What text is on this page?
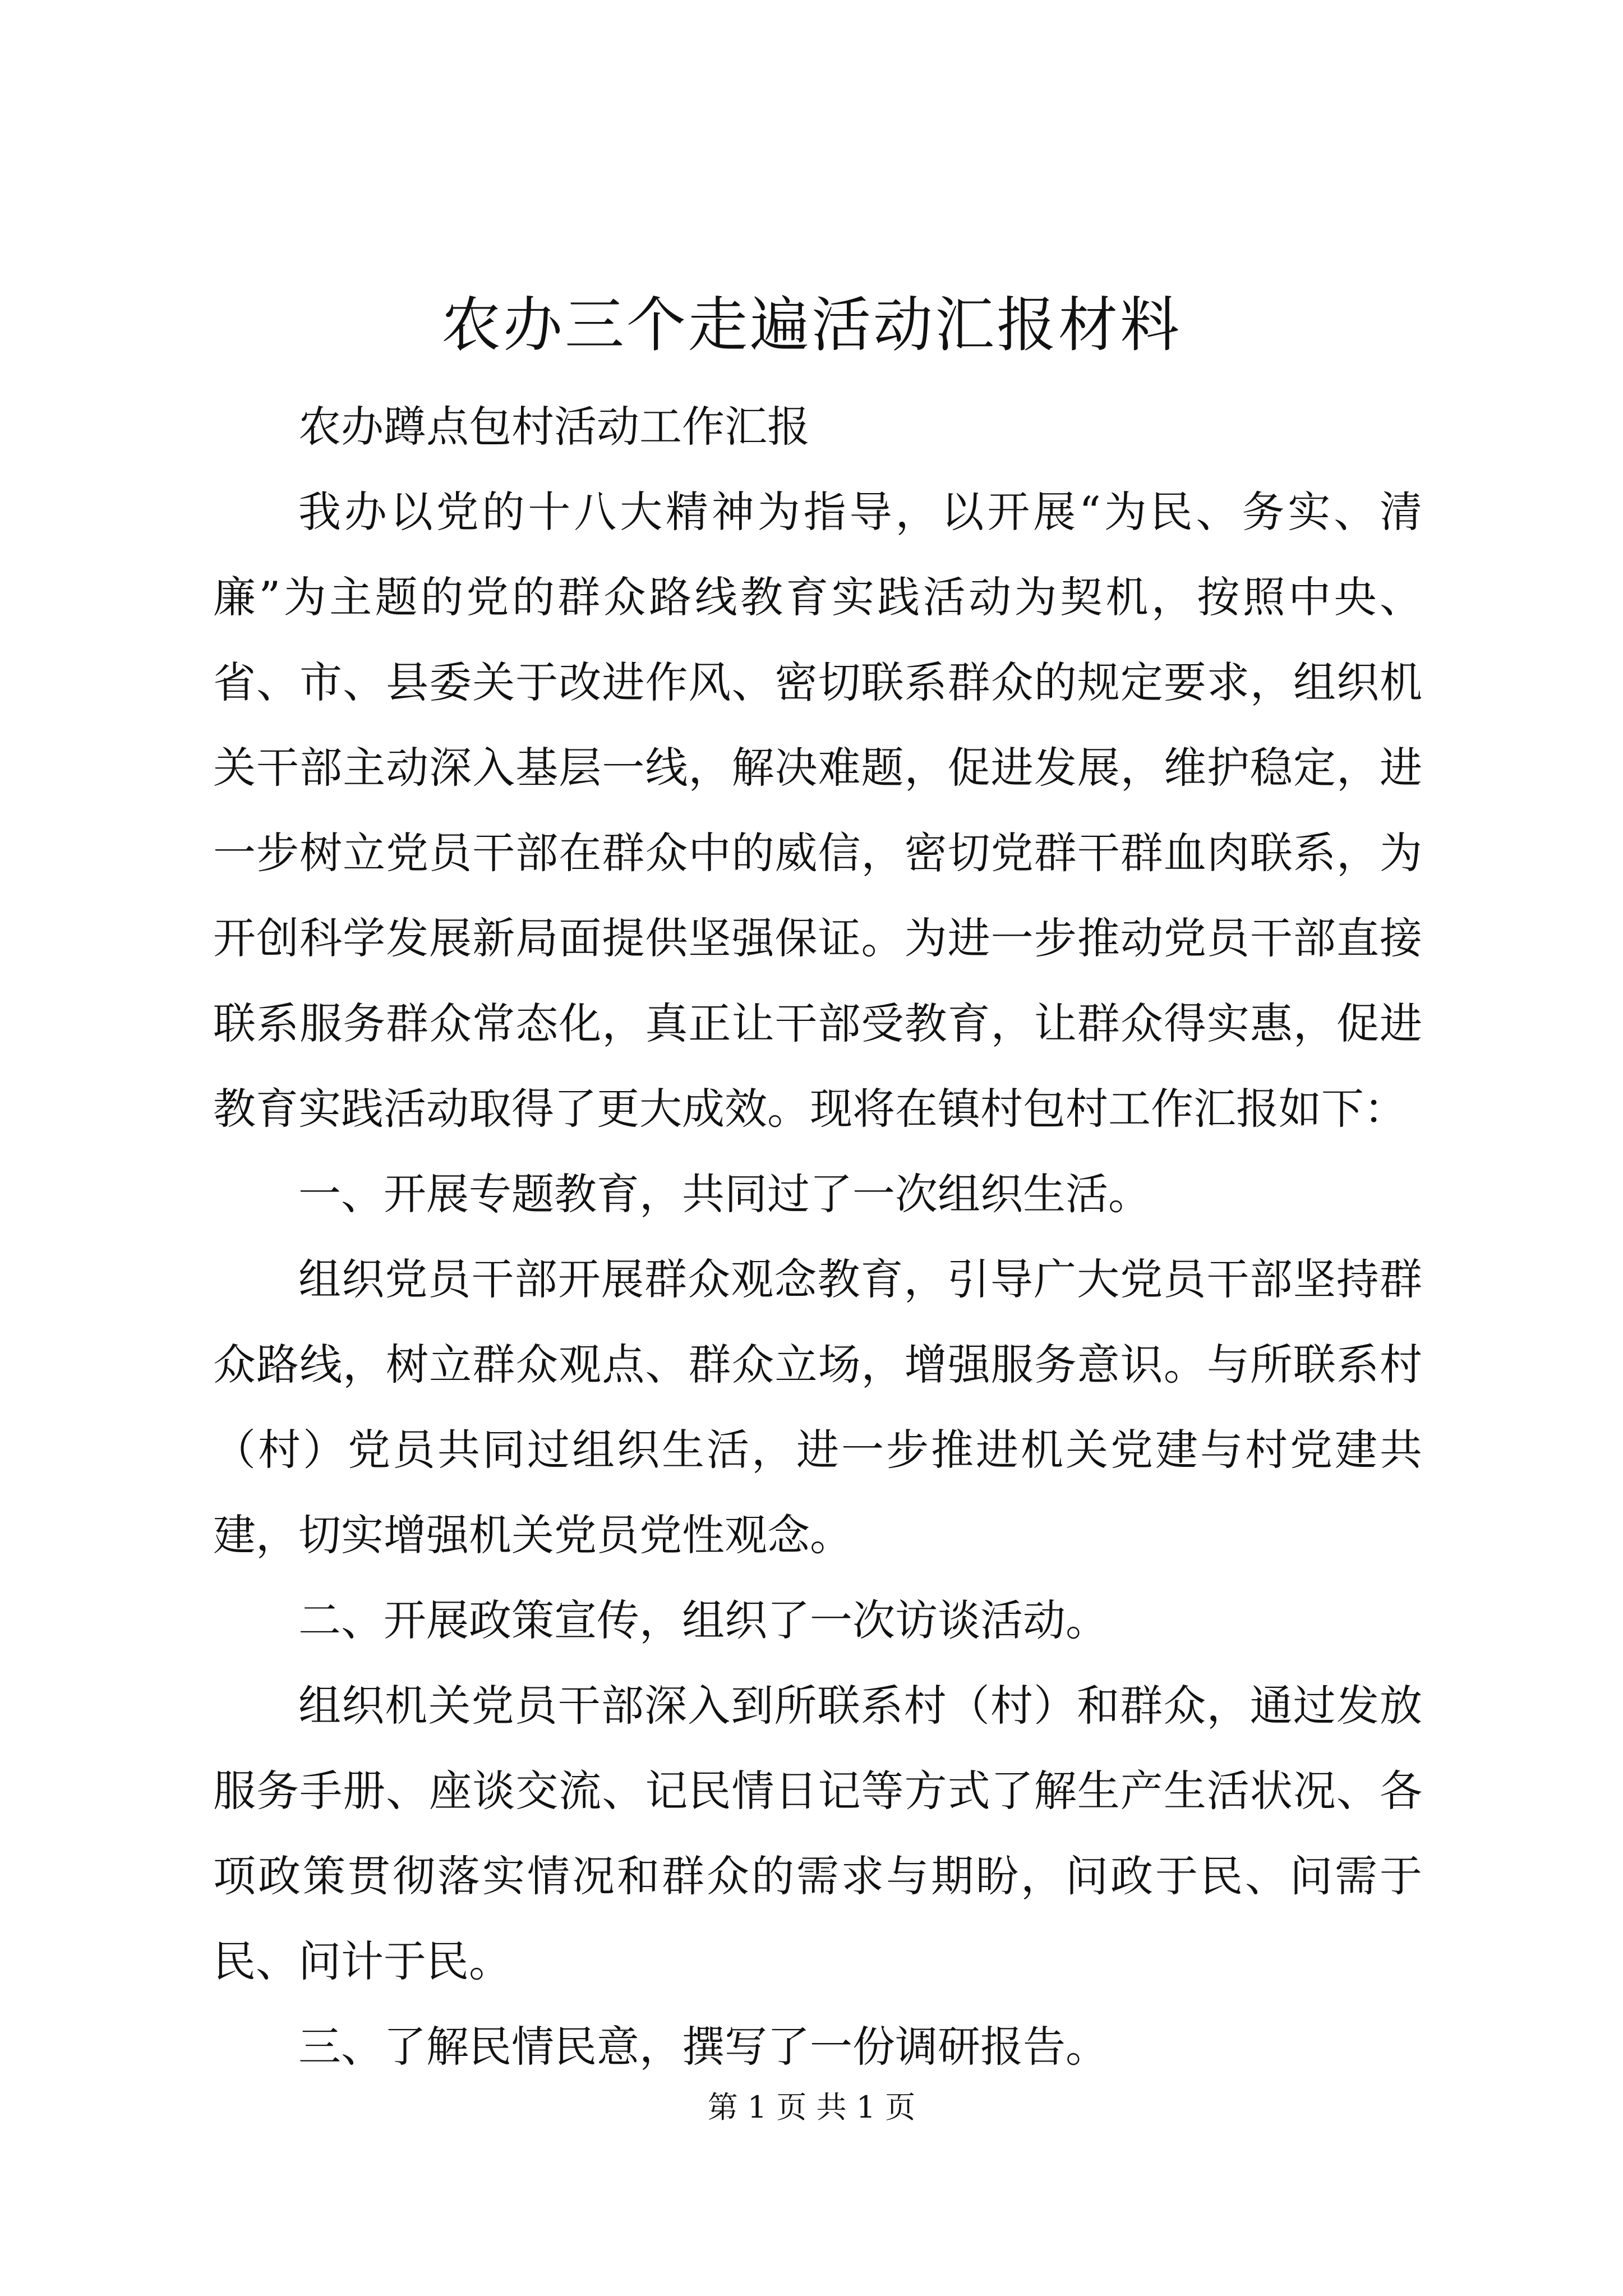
农办三个走遍活动汇报材料

农办蹲点包村活动工作汇报

我办以党的十八大精神为指导，以开展“为民、务实、清廉”为主题的党的群众路线教育实践活动为契机，按照中央、省、市、县委关于改进作风、密切联系群众的规定要求，组织机关干部主动深入基层一线，解决难题，促进发展，维护稳定，进一步树立党员干部在群众中的威信，密切党群干群血肉联系，为开创科学发展新局面提供坚强保证。为进一步推动党员干部直接联系服务群众常态化，真正让干部受教育，让群众得实惠，促进教育实践活动取得了更大成效。现将在镇村包村工作汇报如下：

一、开展专题教育，共同过了一次组织生活。

组织党员干部开展群众观念教育，引导广大党员干部坚持群众路线，树立群众观点、群众立场，增强服务意识。与所联系村（村）党员共同过组织生活，进一步推进机关党建与村党建共建，切实增强机关党员党性观念。

二、开展政策宣传，组织了一次访谈活动。

组织机关党员干部深入到所联系村（村）和群众，通过发放服务手册、座谈交流、记民情日记等方式了解生产生活状况、各项政策贯彻落实情况和群众的需求与期盼，问政于民、问需于民、问计于民。

三、了解民情民意，撰写了一份调研报告。

第 1 页 共 1 页
